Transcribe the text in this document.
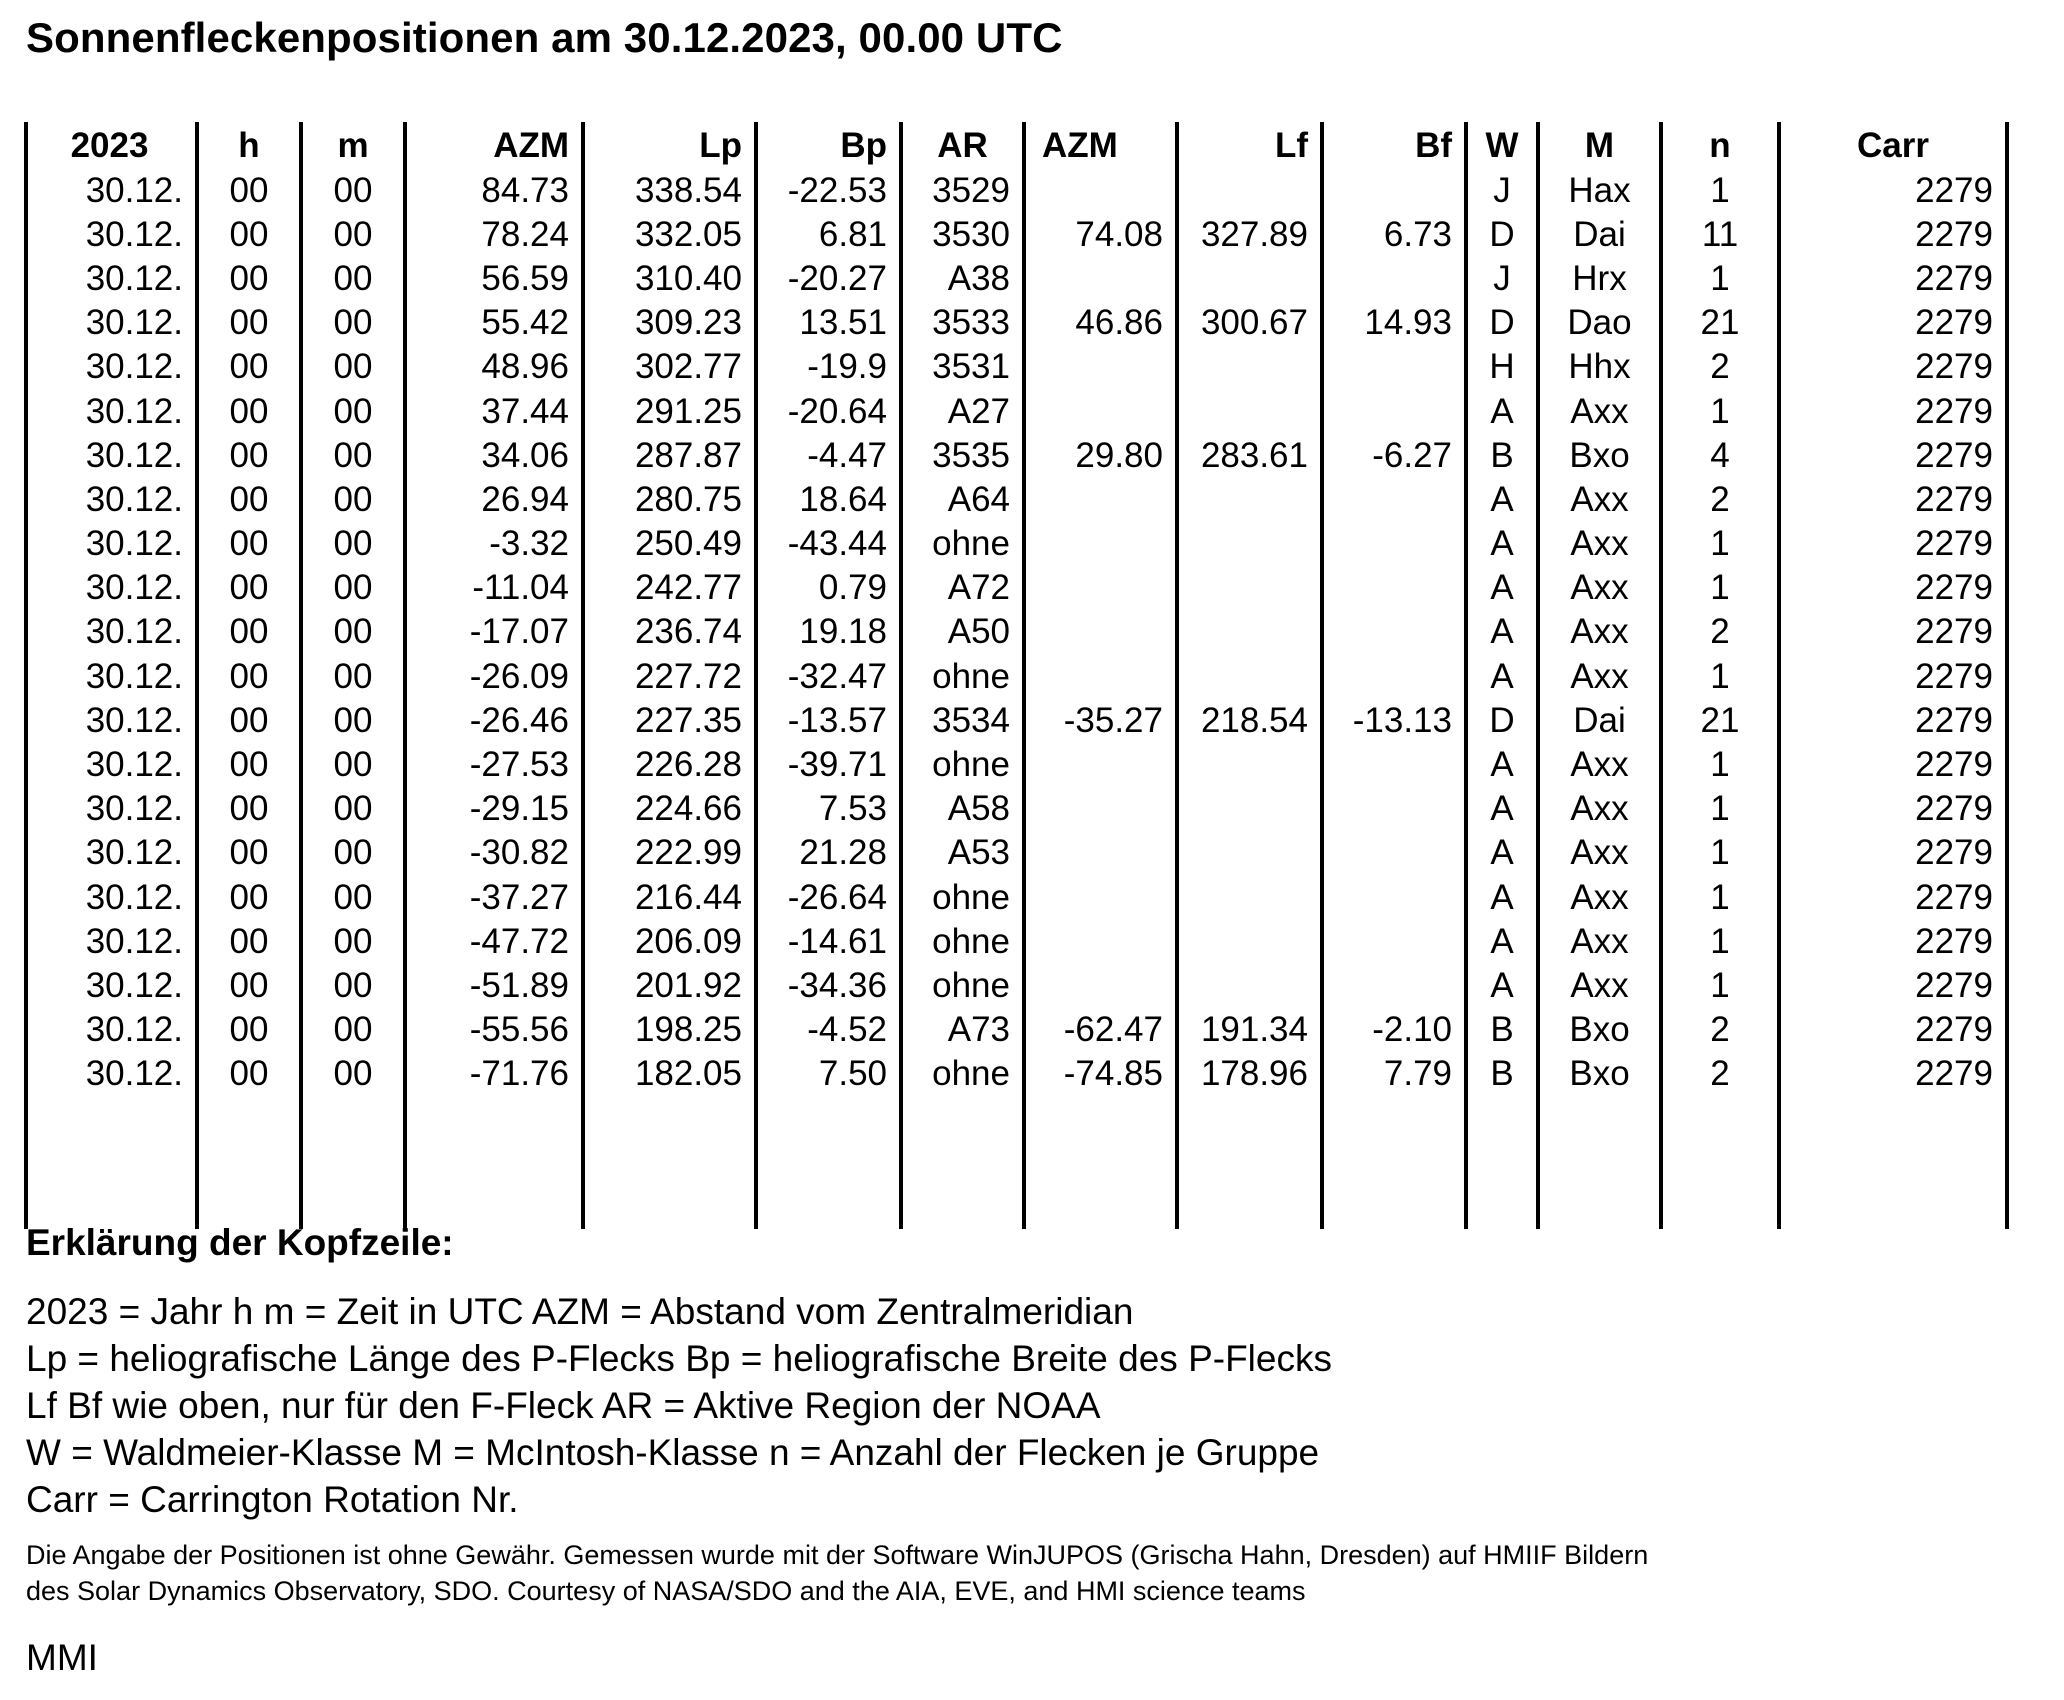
Sonnenfleckenpositionen am 30.12.2023, 00.00 UTC
2023	h	m	AZM	Lp	Bp	AR	AZM	Lf	Bf	W	M	n	Carr
30.12.	00	00	84.73	338.54	-22.53	3529				J	Hax	1	2279
30.12.	00	00	78.24	332.05	6.81	3530	74.08	327.89	6.73	D	Dai	11	2279
30.12.	00	00	56.59	310.40	-20.27	A38				J	Hrx	1	2279
30.12.	00	00	55.42	309.23	13.51	3533	46.86	300.67	14.93	D	Dao	21	2279
30.12.	00	00	48.96	302.77	-19.9	3531				H	Hhx	2	2279
30.12.	00	00	37.44	291.25	-20.64	A27				A	Axx	1	2279
30.12.	00	00	34.06	287.87	-4.47	3535	29.80	283.61	-6.27	B	Bxo	4	2279
30.12.	00	00	26.94	280.75	18.64	A64				A	Axx	2	2279
30.12.	00	00	-3.32	250.49	-43.44	ohne				A	Axx	1	2279
30.12.	00	00	-11.04	242.77	0.79	A72				A	Axx	1	2279
30.12.	00	00	-17.07	236.74	19.18	A50				A	Axx	2	2279
30.12.	00	00	-26.09	227.72	-32.47	ohne				A	Axx	1	2279
30.12.	00	00	-26.46	227.35	-13.57	3534	-35.27	218.54	-13.13	D	Dai	21	2279
30.12.	00	00	-27.53	226.28	-39.71	ohne				A	Axx	1	2279
30.12.	00	00	-29.15	224.66	7.53	A58				A	Axx	1	2279
30.12.	00	00	-30.82	222.99	21.28	A53				A	Axx	1	2279
30.12.	00	00	-37.27	216.44	-26.64	ohne				A	Axx	1	2279
30.12.	00	00	-47.72	206.09	-14.61	ohne				A	Axx	1	2279
30.12.	00	00	-51.89	201.92	-34.36	ohne				A	Axx	1	2279
30.12.	00	00	-55.56	198.25	-4.52	A73	-62.47	191.34	-2.10	B	Bxo	2	2279
30.12.	00	00	-71.76	182.05	7.50	ohne	-74.85	178.96	7.79	B	Bxo	2	2279

Erklärung der Kopfzeile:
2023 = Jahr h m = Zeit in UTC AZM = Abstand vom Zentralmeridian
Lp = heliografische Länge des P-Flecks Bp = heliografische Breite des P-Flecks
Lf Bf wie oben, nur für den F-Fleck AR = Aktive Region der NOAA
W = Waldmeier-Klasse M = McIntosh-Klasse n = Anzahl der Flecken je Gruppe
Carr = Carrington Rotation Nr.
Die Angabe der Positionen ist ohne Gewähr. Gemessen wurde mit der Software WinJUPOS (Grischa Hahn, Dresden) auf HMIIF Bildern
des Solar Dynamics Observatory, SDO. Courtesy of NASA/SDO and the AIA, EVE, and HMI science teams
MMI
